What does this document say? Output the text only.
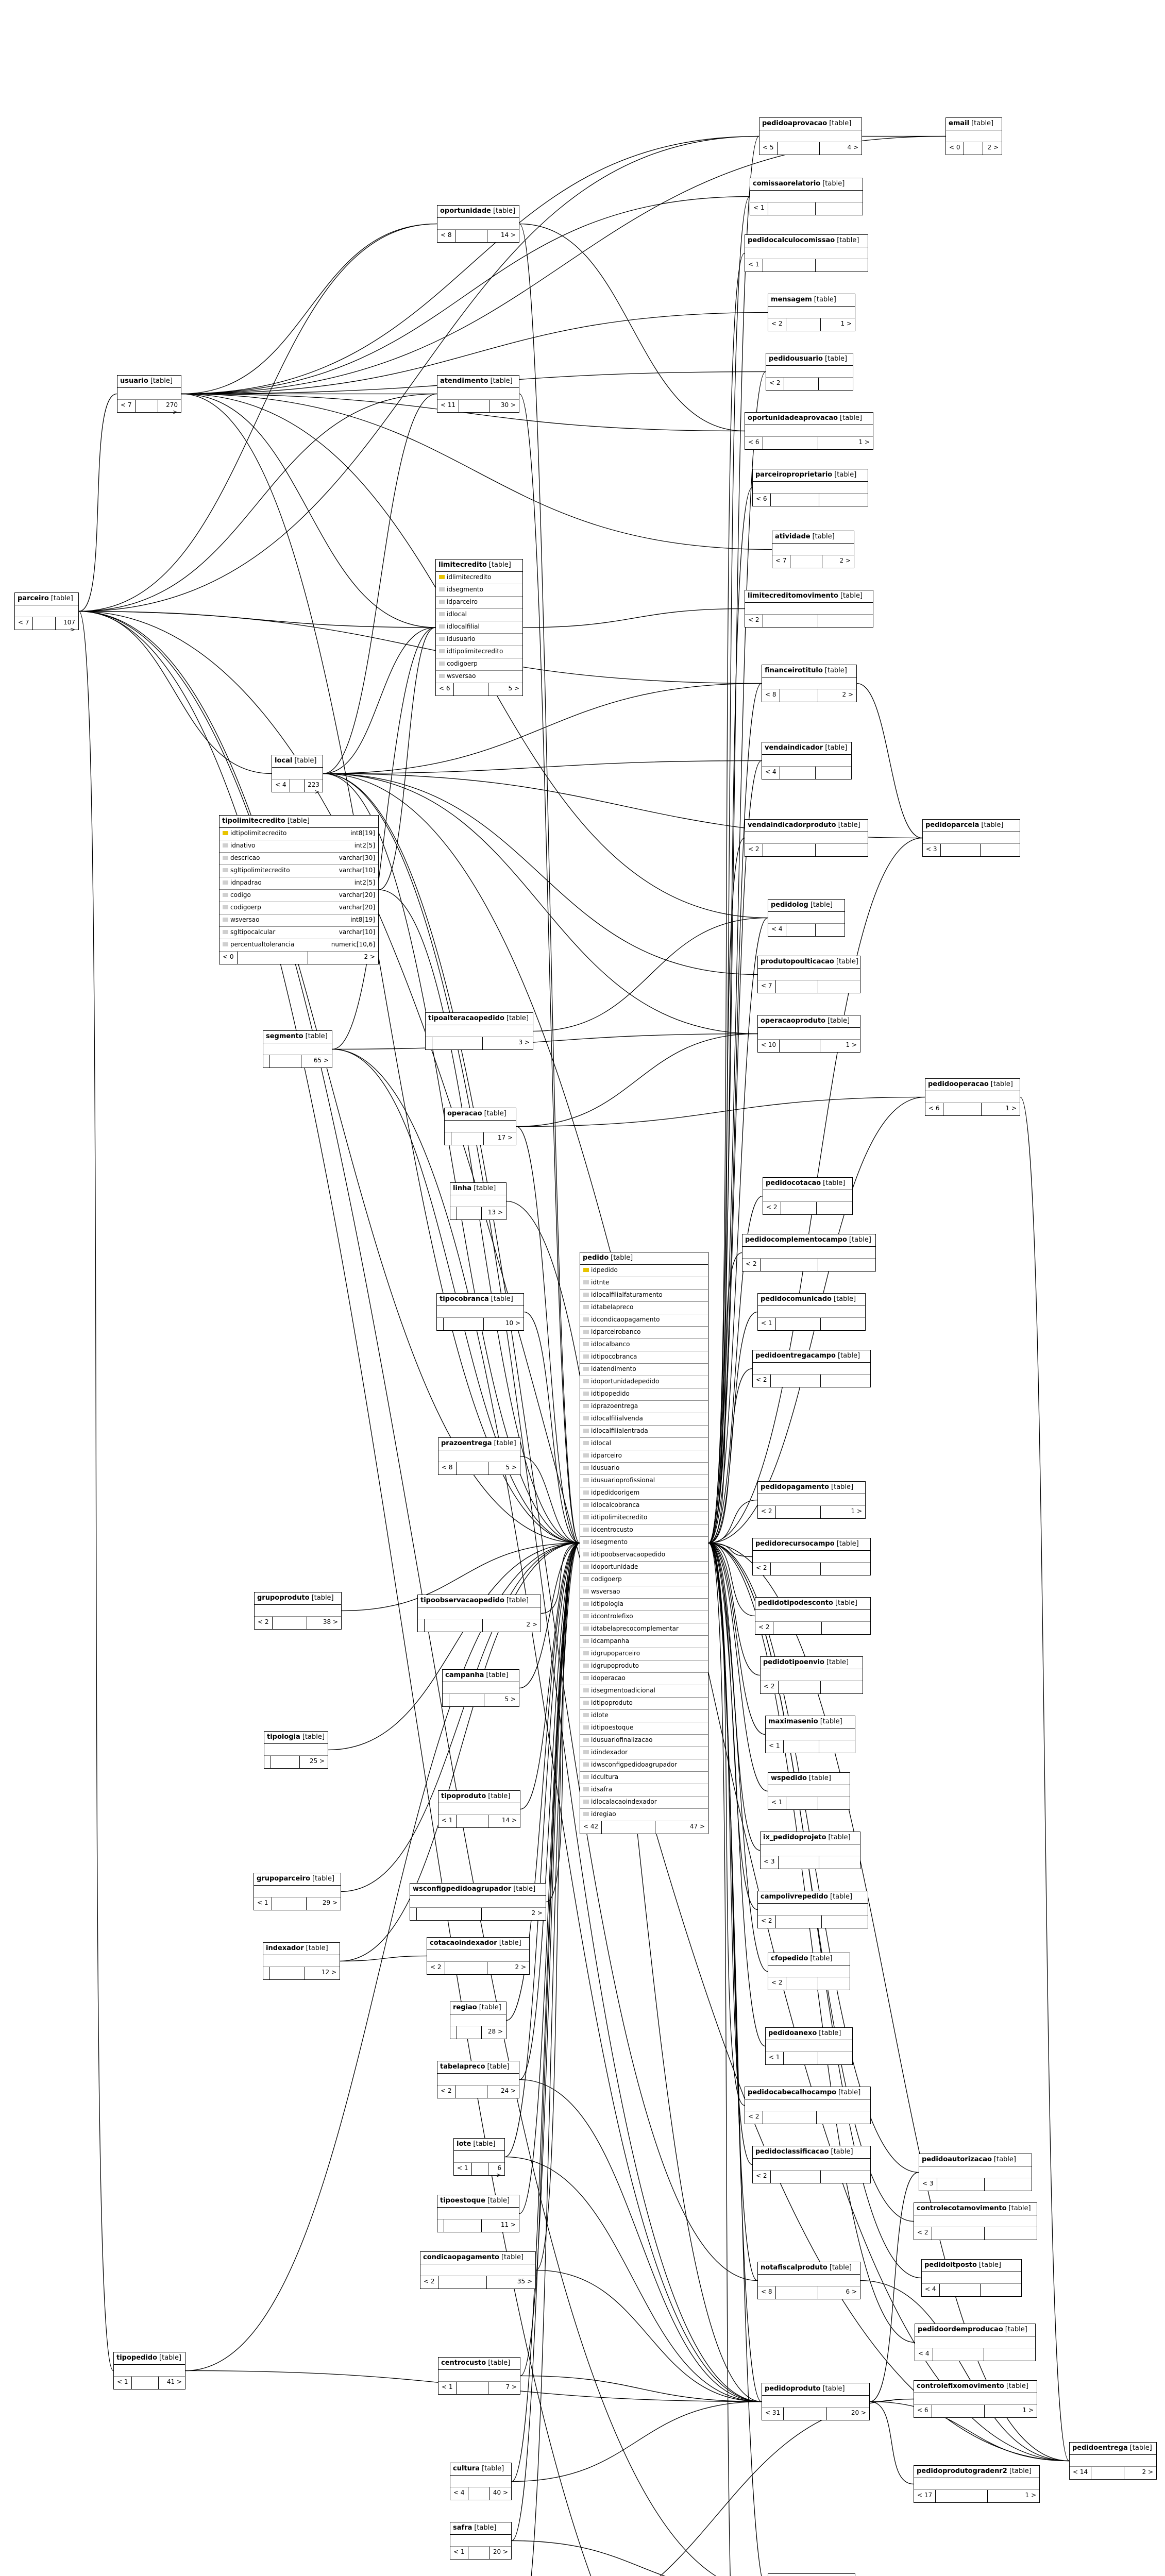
pedidoaprovacao [table]
< 5	4 >
email [table]
< 0	2 >
comissaorelatorio [table]
< 1
oportunidade [table]
< 8	14 >
pedidocalculocomissao [table]
< 1
mensagem [table]
< 2	1 >
pedidousuario [table]
< 2
usuario [table]
< 7	270 >
atendimento [table]
< 11	30 >
oportunidadeaprovacao [table]
< 6	1 >
parceiroproprietario [table]
< 6
atividade [table]
< 7	2 >
parceiro [table]
< 7	107 >
limitecredito [table]
idlimitecredito
idsegmento
idparceiro
idlocal
idlocalfilial
idusuario
idtipolimitecredito
codigoerp
wsversao
< 6	5 >
limitecreditomovimento [table]
< 2
financeirotitulo [table]
< 8	2 >
local [table]
< 4	223 >
tipolimitecredito [table]
idtipolimitecredito	int8[19]
idnativo	int2[5]
descricao	varchar[30]
sgltipolimitecredito	varchar[10]
idnpadrao	int2[5]
codigo	varchar[20]
codigoerp	varchar[20]
wsversao	int8[19]
sgltipocalcular	varchar[10]
percentualtolerancia	numeric[10,6]
< 0	2 >
vendaindicador [table]
< 4
vendaindicadorproduto [table]
< 2
pedidoparcela [table]
< 3
pedidolog [table]
< 4
produtopoulticacao [table]
< 7
segmento [table]
65 >
tipoalteracaopedido [table]
3 >
operacaoproduto [table]
< 10	1 >
operacao [table]
17 >
pedidooperacao [table]
< 6	1 >
linha [table]
13 >
pedidocotacao [table]
< 2
pedidocomplementocampo [table]
< 2
tipocobranca [table]
10 >
pedidocomunicado [table]
< 1
pedidoentregacampo [table]
< 2
pedido [table]
idpedido
idtnte
idlocalfilialfaturamento
idtabelapreco
idcondicaopagamento
idparceirobanco
idlocalbanco
idtipocobranca
idatendimento
idoportunidadepedido
idtipopedido
idprazoentrega
idlocalfilialvenda
idlocalfilialentrada
idlocal
idparceiro
idusuario
idusuarioprofissional
idpedidoorigem
idlocalcobranca
idtipolimitecredito
idcentrocusto
idsegmento
idtipoobservacaopedido
idoportunidade
codigoerp
wsversao
idtipologia
idcontrolefixo
idtabelaprecocomplementar
idcampanha
idgrupoparceiro
idgrupoproduto
idoperacao
idsegmentoadicional
idtipoproduto
idlote
idtipoestoque
idusuariofinalizacao
idindexador
idwsconfigpedidoagrupador
idcultura
idsafra
idlocalacaoindexador
idregiao
< 42	47 >
prazoentrega [table]
< 8	5 >
pedidopagamento [table]
< 2	1 >
pedidorecursocampo [table]
< 2
grupoproduto [table]
< 2	38 >
tipoobservacaopedido [table]
2 >
pedidotipodesconto [table]
< 2
campanha [table]
5 >
pedidotipoenvio [table]
< 2
tipologia [table]
25 >
maximasenio [table]
< 1
tipoproduto [table]
< 1	14 >
wspedido [table]
< 1
grupoparceiro [table]
< 1	29 >
wsconfigpedidoagrupador [table]
2 >
ix_pedidoprojeto [table]
< 3
indexador [table]
12 >
cotacaoindexador [table]
< 2	2 >
campolivrepedido [table]
< 2
regiao [table]
28 >
cfopedido [table]
< 2
tabelapreco [table]
< 2	24 >
pedidoanexo [table]
< 1
pedidocabecalhocampo [table]
< 2
pedidoclassificacao [table]
< 2
lote [table]
< 1	6 >
pedidoautorizacao [table]
< 3
tipoestoque [table]
11 >
controlecotamovimento [table]
< 2
condicaopagamento [table]
< 2	35 >
notafiscalproduto [table]
< 8	6 >
pedidoitposto [table]
< 4
tipopedido [table]
< 1	41 >
centrocusto [table]
< 1	7 >	pedidoproduto [table]
< 31	20 >
pedidoordemproducao [table]
< 4
controlefixomovimento [table]
< 6	1 >
pedidoentrega [table]
< 14	2 >
pedidoprodutogradenr2 [table]
< 17	1 >
cultura [table]
< 4	40 >
safra [table]
< 1	20 >
